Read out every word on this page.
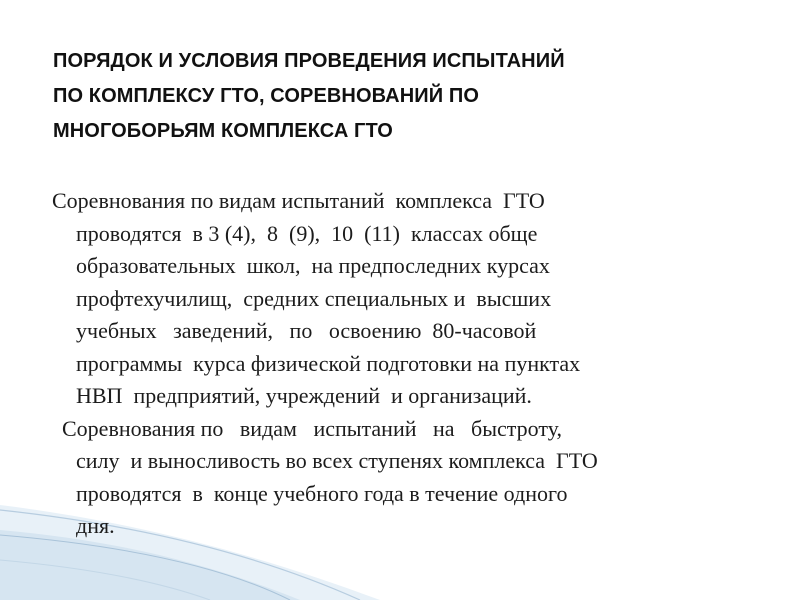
ПОРЯДОК И УСЛОВИЯ ПРОВЕДЕНИЯ ИСПЫТАНИЙ
ПО КОМПЛЕКСУ ГТО, СОРЕВНОВАНИЙ ПО
МНОГОБОРЬЯМ КОМПЛЕКСА ГТО

Соревнования по видам испытаний  комплекса  ГТО
проводятся  в 3 (4),  8  (9),  10  (11)  классах обще
образовательных  школ,  на предпоследних курсах
профтехучилищ,  средних специальных и  высших
учебных   заведений,   по   освоению  80-часовой
программы  курса физической подготовки на пунктах
НВП  предприятий, учреждений  и организаций.

Соревнования по   видам   испытаний   на   быстроту,
силу  и выносливость во всех ступенях комплекса  ГТО
проводятся  в  конце учебного года в течение одного
дня.
